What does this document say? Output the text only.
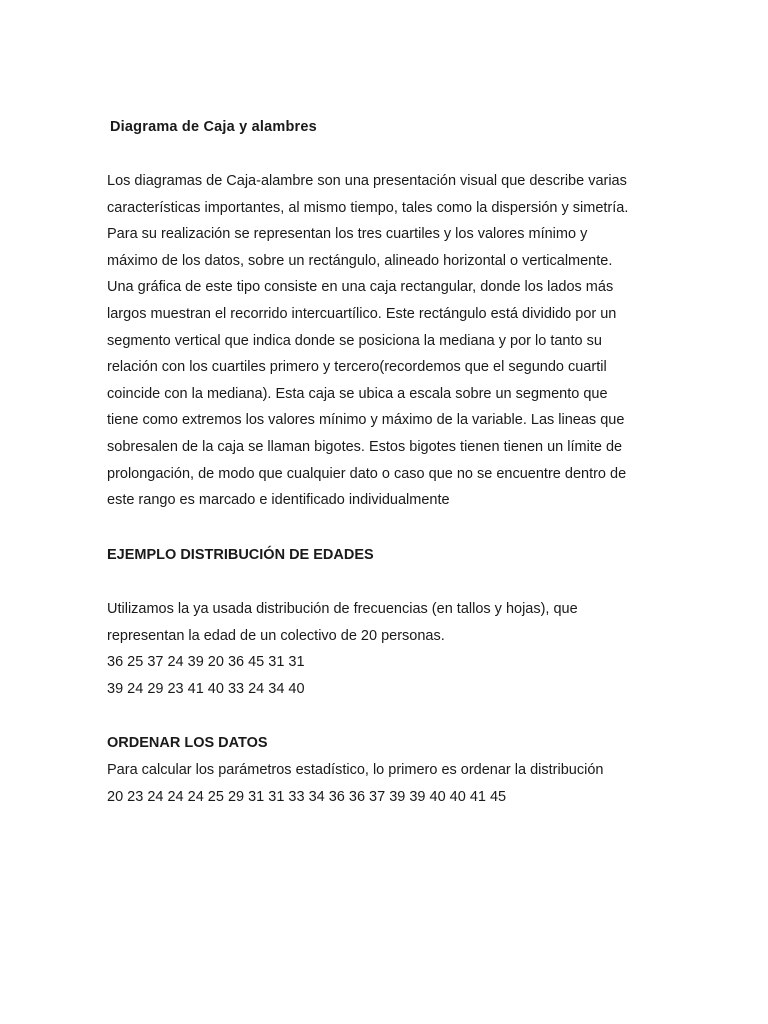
Diagrama de Caja y alambres
Los diagramas de Caja-alambre son una presentación visual que describe varias
características importantes, al mismo tiempo, tales como la dispersión y simetría.
Para su realización se representan los tres cuartiles y los valores mínimo y
máximo de los datos, sobre un rectángulo, alineado horizontal o verticalmente.
Una gráfica de este tipo consiste en una caja rectangular, donde los lados más
largos muestran el recorrido intercuartílico. Este rectángulo está dividido por un
segmento vertical que indica donde se posiciona la mediana y por lo tanto su
relación con los cuartiles primero y tercero(recordemos que el segundo cuartil
coincide con la mediana). Esta caja se ubica a escala sobre un segmento que
tiene como extremos los valores mínimo y máximo de la variable. Las lineas que
sobresalen de la caja se llaman bigotes. Estos bigotes tienen tienen un límite de
prolongación, de modo que cualquier dato o caso que no se encuentre dentro de
este rango es marcado e identificado individualmente
EJEMPLO DISTRIBUCIÓN DE EDADES
Utilizamos la ya usada distribución de frecuencias (en tallos y hojas), que
representan la edad de un colectivo de 20 personas.
36 25 37 24 39 20 36 45 31 31
39 24 29 23 41 40 33 24 34 40
ORDENAR LOS DATOS
Para calcular los parámetros estadístico, lo primero es ordenar la distribución
20 23 24 24 24 25 29 31 31 33 34 36 36 37 39 39 40 40 41 45
